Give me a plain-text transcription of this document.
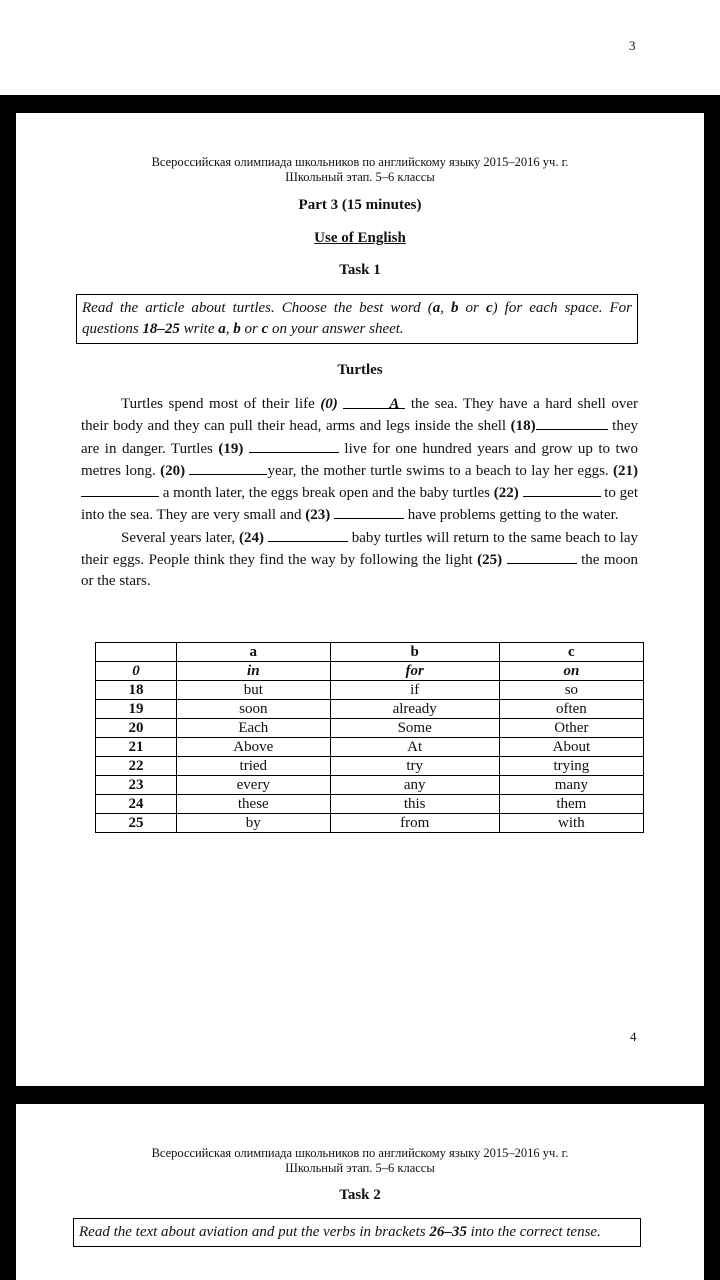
3
Всероссийская олимпиада школьников по английскому языку 2015–2016 уч. г.
Школьный этап. 5–6 классы
Part 3 (15 minutes)
Use of English
Task 1
Read the article about turtles. Choose the best word (a, b or c) for each space. For questions 18–25 write a, b or c on your answer sheet.
Turtles

Turtles spend most of their life (0)	A the sea. They have a hard shell over their body and they can pull their head, arms and legs inside the shell (18)	they are in danger. Turtles (19)	live for one hundred years and grow up to two metres long. (20)	year, the mother turtle swims to a beach to lay her eggs. (21)  a month later, the eggs break open and the baby turtles (22)	to get into the sea. They are very small and (23)	have problems getting to the water.

Several years later, (24)	baby turtles will return to the same beach to lay their eggs. People think they find the way by following the light (25)	the moon or the stars.

	a	b	c
0	in	for	on
18	but	if	so
19	soon	already	often
20	Each	Some	Other
21	Above	At	About
22	tried	try	trying
23	every	any	many
24	these	this	them
25	by	from	with
4
Всероссийская олимпиада школьников по английскому языку 2015–2016 уч. г.
Школьный этап. 5–6 классы
Task 2
Read the text about aviation and put the verbs in brackets 26–35 into the correct tense.
